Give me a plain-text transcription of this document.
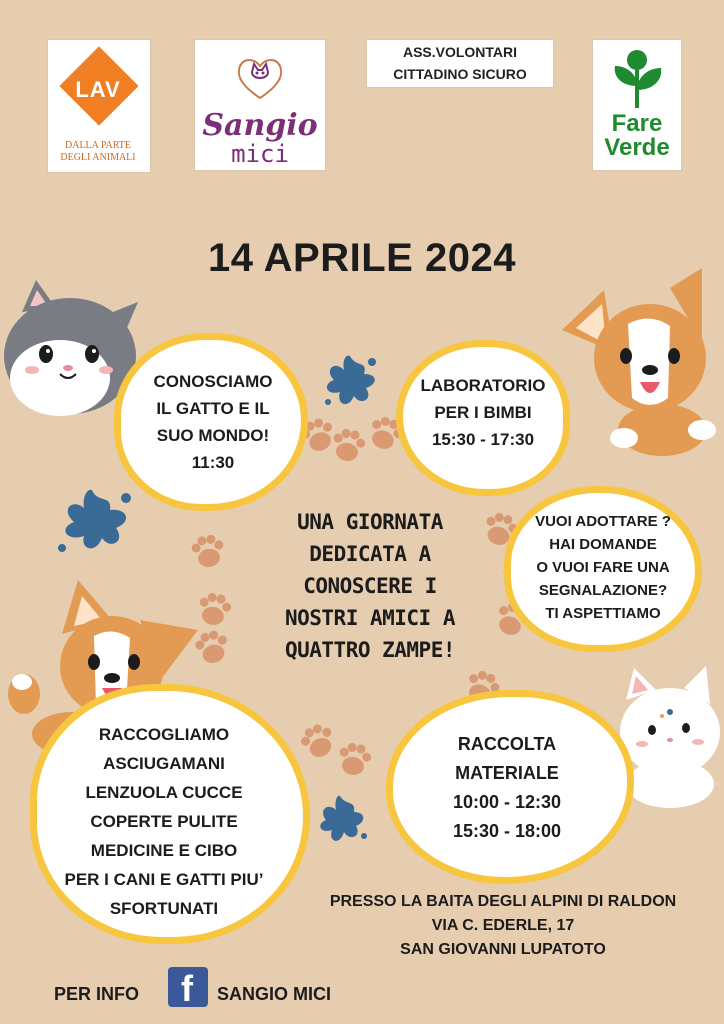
LAV
DALLA PARTE
DEGLI ANIMALI
Sangio
mici
ASS.VOLONTARI
CITTADINO SICURO
Fare
Verde
14 APRILE 2024
CONOSCIAMO
IL GATTO E IL
SUO MONDO!
11:30
LABORATORIO
PER I BIMBI
15:30 - 17:30
VUOI ADOTTARE ?
HAI DOMANDE
O VUOI FARE UNA
SEGNALAZIONE?
TI ASPETTIAMO
UNA GIORNATA
DEDICATA A
CONOSCERE I
NOSTRI AMICI A
QUATTRO ZAMPE!
RACCOGLIAMO
ASCIUGAMANI
LENZUOLA CUCCE
COPERTE PULITE
MEDICINE E CIBO
PER I CANI E GATTI PIU’
SFORTUNATI
RACCOLTA
MATERIALE
10:00 - 12:30
15:30 - 18:00
PRESSO LA BAITA DEGLI ALPINI DI RALDON
VIA C. EDERLE, 17
SAN GIOVANNI LUPATOTO
PER INFO f SANGIO MICI
